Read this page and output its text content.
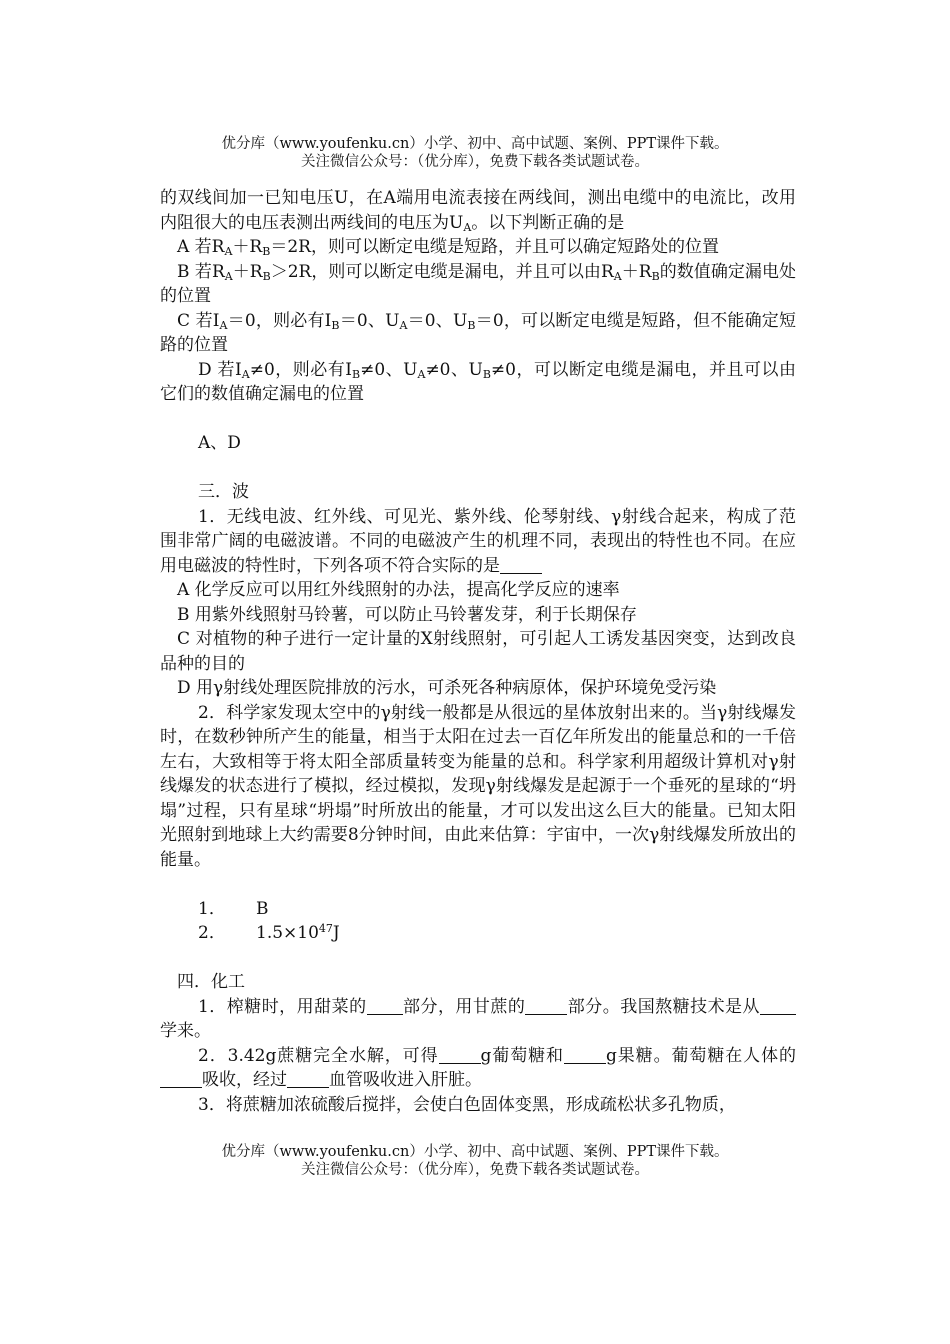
优分库（www.youfenku.cn）小学、初中、高中试题、案例、PPT课件下载。
关注微信公众号：（优分库），免费下载各类试题试卷。

的双线间加一已知电压U，在A端用电流表接在两线间，测出电缆中的电流比，改用内阻很大的电压表测出两线间的电压为$U_A$。以下判断正确的是

A 若$R_A+R_B=2R$，则可以断定电缆是短路，并且可以确定短路处的位置

B 若$R_A+R_B>2R$，则可以断定电缆是漏电，并且可以由$R_A+R_B$的数值确定漏电处的位置

C 若$I_A=0$，则必有$I_B=0$、$U_A=0$、$U_B=0$，可以断定电缆是短路，但不能确定短路的位置

D 若$I_A\ne 0$，则必有$I_B\ne 0$、$U_A\ne 0$、$U_B\ne 0$，可以断定电缆是漏电，并且可以由它们的数值确定漏电的位置

A、D

三．波

1．无线电波、红外线、可见光、紫外线、伦琴射线、γ射线合起来，构成了范围非常广阔的电磁波谱。不同的电磁波产生的机理不同，表现出的特性也不同。在应用电磁波的特性时，下列各项不符合实际的是

A 化学反应可以用红外线照射的办法，提高化学反应的速率

B 用紫外线照射马铃薯，可以防止马铃薯发芽，利于长期保存

C 对植物的种子进行一定计量的X射线照射，可引起人工诱发基因突变，达到改良品种的目的

D 用γ射线处理医院排放的污水，可杀死各种病原体，保护环境免受污染

2．科学家发现太空中的γ射线一般都是从很远的星体放射出来的。当γ射线爆发时，在数秒钟所产生的能量，相当于太阳在过去一百亿年所发出的能量总和的一千倍左右，大致相等于将太阳全部质量转变为能量的总和。科学家利用超级计算机对γ射线爆发的状态进行了模拟，经过模拟，发现γ射线爆发是起源于一个垂死的星球的“坍塌”过程，只有星球“坍塌”时所放出的能量，才可以发出这么巨大的能量。已知太阳光照射到地球上大约需要8分钟时间，由此来估算：宇宙中，一次γ射线爆发所放出的能量。

1． B

2． $1.5\times 10^{47}J$

四．化工

1．榨糖时，用甜菜的 部分，用甘蔗的 部分。我国熬糖技术是从学来。

2．3.42g蔗糖完全水解，可得 g葡萄糖和 g果糖。葡萄糖在人体的吸收，经过 血管吸收进入肝脏。

3．将蔗糖加浓硫酸后搅拌，会使白色固体变黑，形成疏松状多孔物质，

优分库（www.youfenku.cn）小学、初中、高中试题、案例、PPT课件下载。
关注微信公众号：（优分库），免费下载各类试题试卷。
